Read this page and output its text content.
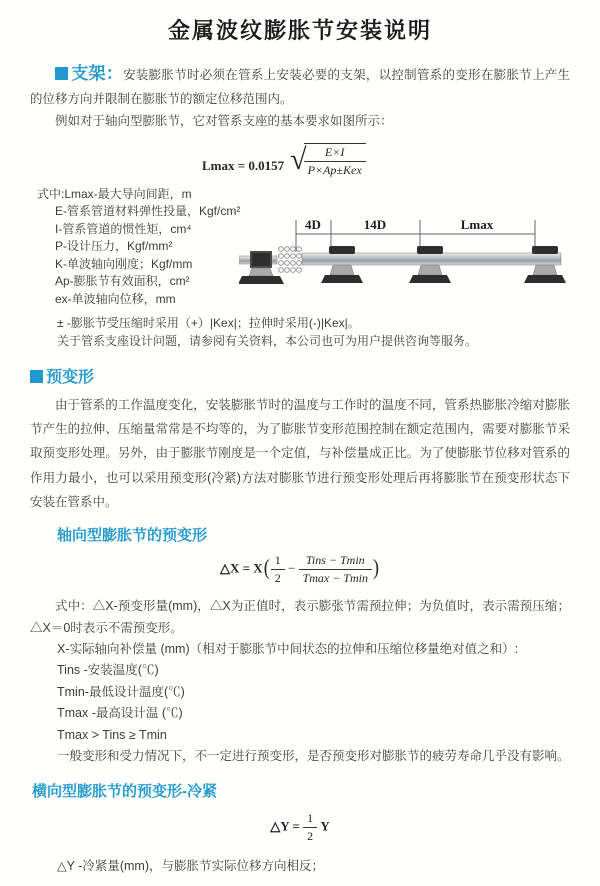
金属波纹膨胀节安装说明

支架：安装膨胀节时必须在管系上安装必要的支架，以控制管系的变形在膨胀节上产生的位移方向并限制在膨胀节的额定位移范围内。

例如对于轴向型膨胀节，它对管系支座的基本要求如图所示：

Lmax = 0.0157 √
$\frac{E\times I}{\text{P×Ap±Kex}}$
式中:Lmax-最大导向间距，m
E-管系管道材料弹性投量，Kgf/cm²
I-管系管道的惯性矩，cm⁴
P-设计压力，Kgf/mm²
K-单波轴向刚度；Kgf/mm
Ap-膨胀节有效面积，cm²
ex-单波轴向位移，mm
4D	14D	Lmax
± -膨胀节受压缩时采用（+）|Kex|；拉伸时采用(-)|Kex|。
关于管系支座设计问题，请参阅有关资料，本公司也可为用户提供咨询等服务。
预变形

由于管系的工作温度变化，安装膨胀节时的温度与工作时的温度不同，管系热膨胀冷缩对膨胀节产生的拉伸、压缩量常常是不均等的，为了膨胀节变形范围控制在额定范围内，需要对膨胀节采取预变形处理。另外，由于膨胀节刚度是一个定值，与补偿量成正比。为了使膨胀节位移对管系的作用力最小，也可以采用预变形(冷紧)方法对膨胀节进行预变形处理后再将膨胀节在预变形状态下安装在管系中。

轴向型膨胀节的预变形
△X = $X( \frac{1}{2} - \frac{\text{Tins − Tmin}}{Tmax - Tmin}$ )

式中：△X-预变形量(mm)，△X为正值时，表示膨张节需预拉伸；为负值时，表示需预压缩；△X＝0时表示不需预变形。

X-实际轴向补偿量 (mm)（相对于膨胀节中间状态的拉伸和压缩位移量绝对值之和）:
Tins -安装温度(℃)
Tmin-最低设计温度(℃)
Tmax -最高设计温 (℃)
Tmax > Tins ≥ Tmin
一般变形和受力情况下，不一定进行预变形，是否预变形对膨胀节的疲劳寿命几乎没有影响。
横向型膨胀节的预变形-冷紧
△Y = $\frac{1}{2}$ Y
△Y -冷紧量(mm)，与膨胀节实际位移方向相反；
